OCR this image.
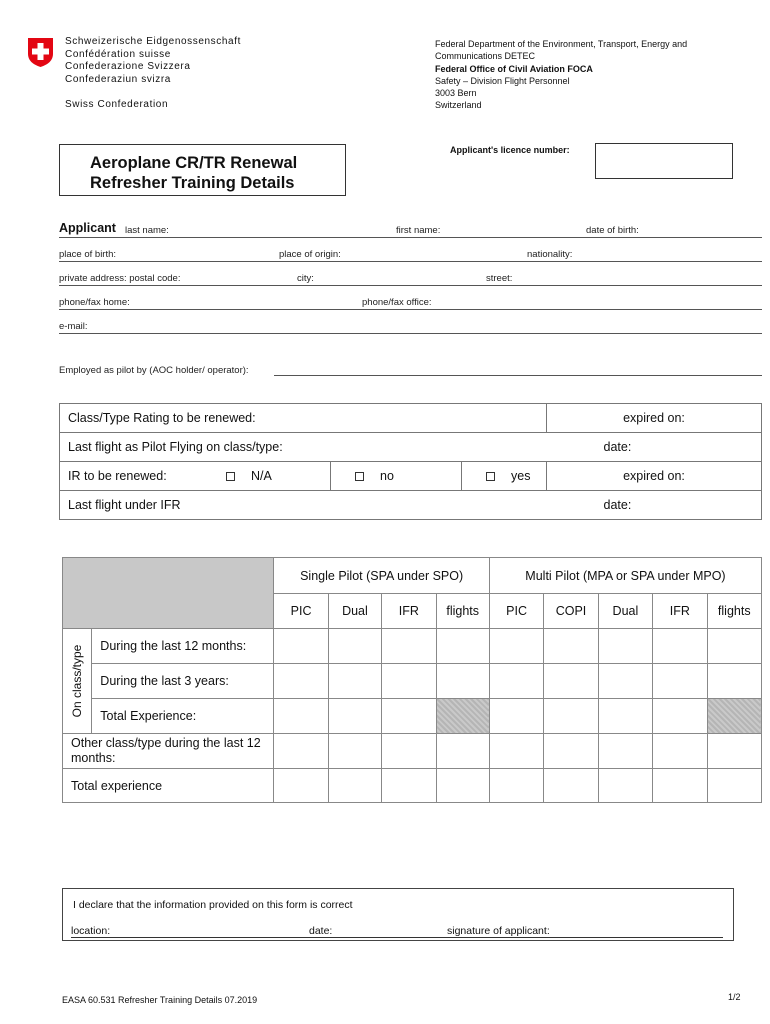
Schweizerische Eidgenossenschaft
Confédération suisse
Confederazione Svizzera
Confederaziun svizra
Swiss Confederation
Federal Department of the Environment, Transport, Energy and
Communications DETEC
Federal Office of Civil Aviation FOCA
Safety – Division Flight Personnel
3003 Bern
Switzerland
Aeroplane CR/TR Renewal
Refresher Training Details
Applicant's licence number:
Applicant last name:	first name:	date of birth:
place of birth:	place of origin:	nationality:
private address: postal code:	city:	street:
phone/fax home:	phone/fax office:
e-mail:
Employed as pilot by (AOC holder/ operator):
Class/Type Rating to be renewed:	expired on:
Last flight as Pilot Flying on class/type: date:	

IR to be renewed: N/A no yes	expired on:
Last flight under IFR date:	
		Single Pilot (SPA under SPO)				Multi Pilot (MPA or SPA under MPO)				
		PIC	Dual	IFR	flights	PIC	COPI	Dual	IFR	flights

On class/type	During the last 12 months:									
	During the last 3 years:									
	Total Experience:									
Other class/type during the last 12 months:										
Total experience										
I declare that the information provided on this form is correct
location:	date:	signature of applicant:
EASA 60.531 Refresher Training Details 07.2019	1/2
